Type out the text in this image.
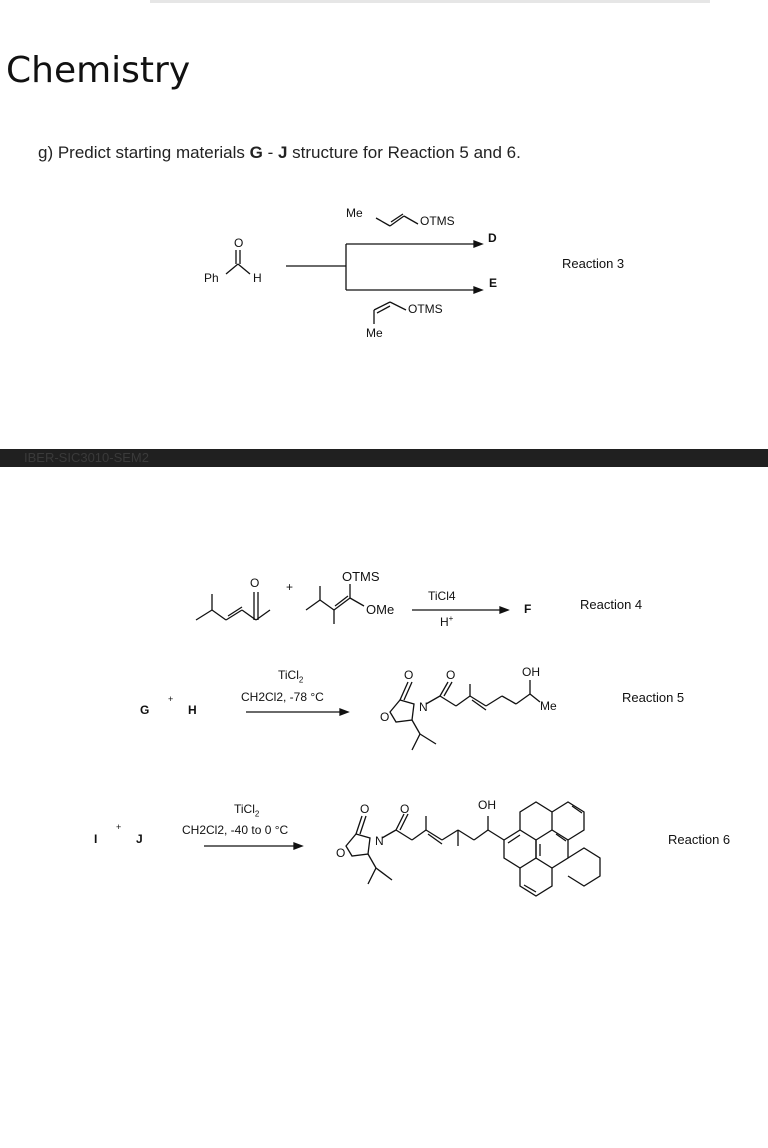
Chemistry
g) Predict starting materials G - J structure for Reaction 5 and 6.
Me
OTMS
O
Ph	H
D
E
Reaction 3
OTMS
Me
IBER-SIC3010-SEM2
O +
OTMS
OMe
TiCl4
H+
F	Reaction 4
G
+
H
TiCl$_2$
CH2Cl2, -78 °C
O	O
O
N
OH
Me
Reaction 5
I
+
J
TiCl$_2$
CH2Cl2, -40 to 0 °C
O	O
O
N
OH
Reaction 6
